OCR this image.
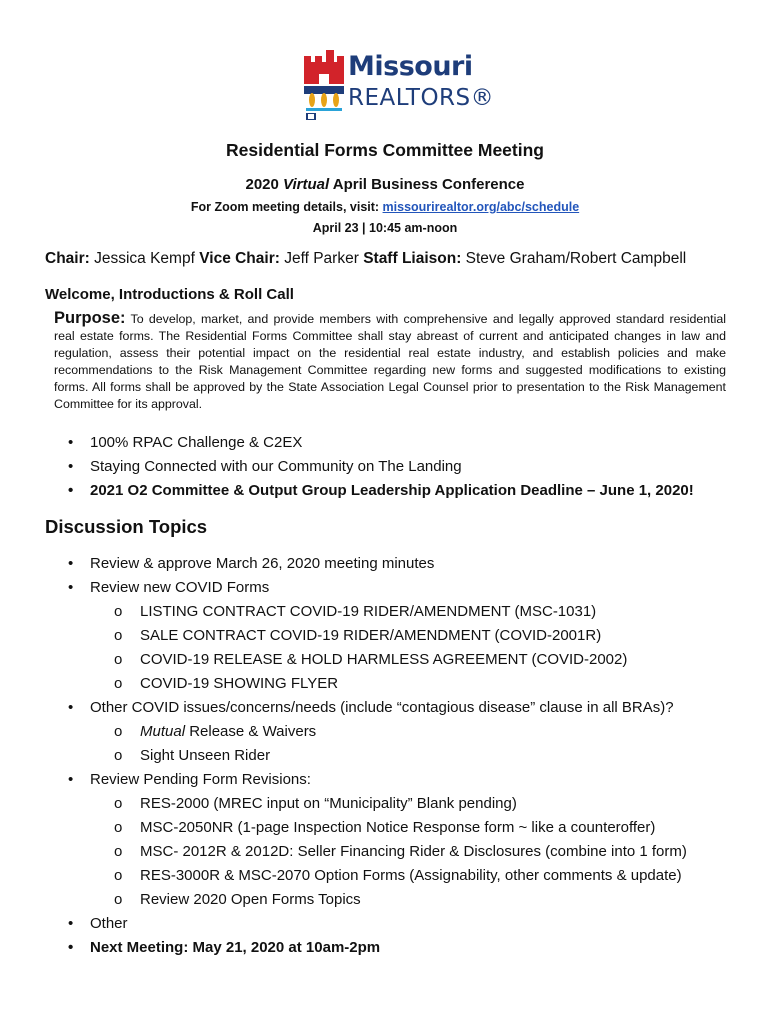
Missouri
REALTORS®
Residential Forms Committee Meeting
2020 Virtual April Business Conference
For Zoom meeting details, visit: missourirealtor.org/abc/schedule
April 23 | 10:45 am-noon
Chair: Jessica Kempf Vice Chair: Jeff Parker Staff Liaison: Steve Graham/Robert Campbell
Welcome, Introductions & Roll Call
Purpose: To develop, market, and provide members with comprehensive and legally approved standard residential real estate forms. The Residential Forms Committee shall stay abreast of current and anticipated changes in law and regulation, assess their potential impact on the residential real estate industry, and establish policies and make recommendations to the Risk Management Committee regarding new forms and suggested modifications to existing forms. All forms shall be approved by the State Association Legal Counsel prior to presentation to the Risk Management Committee for its approval.
• 100% RPAC Challenge & C2EX
• Staying Connected with our Community on The Landing
• 2021 O2 Committee & Output Group Leadership Application Deadline – June 1, 2020!
Discussion Topics
• Review & approve March 26, 2020 meeting minutes
• Review new COVID Forms
o LISTING CONTRACT COVID-19 RIDER/AMENDMENT (MSC-1031)
o SALE CONTRACT COVID-19 RIDER/AMENDMENT (COVID-2001R)
o COVID-19 RELEASE & HOLD HARMLESS AGREEMENT (COVID-2002)
o COVID-19 SHOWING FLYER
• Other COVID issues/concerns/needs (include “contagious disease” clause in all BRAs)?
o Mutual Release & Waivers
o Sight Unseen Rider
• Review Pending Form Revisions:
o RES-2000 (MREC input on “Municipality” Blank pending)
o MSC-2050NR (1-page Inspection Notice Response form ~ like a counteroffer)
o MSC- 2012R & 2012D: Seller Financing Rider & Disclosures (combine into 1 form)
o RES-3000R & MSC-2070 Option Forms (Assignability, other comments & update)
o Review 2020 Open Forms Topics
• Other
• Next Meeting: May 21, 2020 at 10am-2pm
